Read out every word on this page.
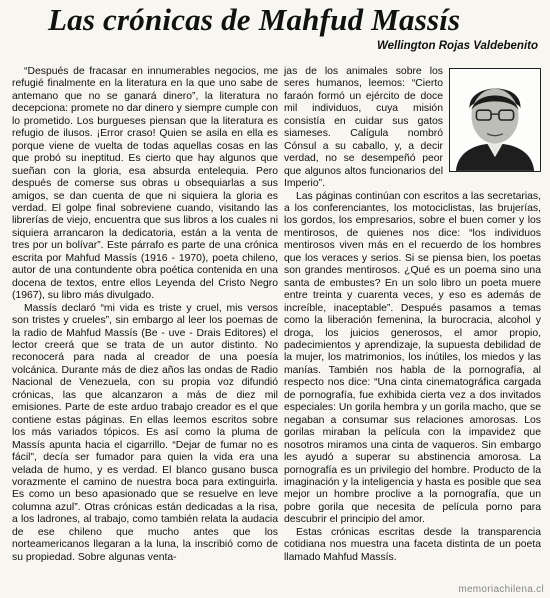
Las crónicas de Mahfud Massís
Wellington Rojas Valdebenito

“Después de fracasar en innumerables negocios, me refugié finalmente en la literatura en la que uno sabe de antemano que no se ganará dinero”, la literatura no decepciona: promete no dar dinero y siempre cumple con lo prometido. Los burgueses piensan que la literatura es refugio de ilusos. ¡Error craso! Quien se asila en ella es porque viene de vuelta de todas aquellas cosas en las que probó su ineptitud. Es cierto que hay algunos que sueñan con la gloria, esa absurda entelequia. Pero después de comerse sus obras u obsequiarlas a sus amigos, se dan cuenta de que ni siquiera la gloria es verdad. El golpe final sobreviene cuando, visitando las librerías de viejo, encuentra que sus libros a los cuales ni siquiera arrancaron la dedicatoria, están a la venta de tres por un bolívar”. Este párrafo es parte de una crónica escrita por Mahfud Massís (1916 - 1970), poeta chileno, autor de una contundente obra poética contenida en una docena de textos, entre ellos Leyenda del Cristo Negro (1967), su libro más divulgado.

Massís declaró “mi vida es triste y cruel, mis versos son tristes y crueles”, sin embargo al leer los poemas de la radio de Mahfud Massís (Be - uve - Drais Editores) el lector creerá que se trata de un autor distinto. No reconocerá para nada al creador de una poesía volcánica. Durante más de diez años las ondas de Radio Nacional de Venezuela, con su propia voz difundió crónicas, las que alcanzaron a más de diez mil emisiones. Parte de este arduo trabajo creador es el que contiene estas páginas. En ellas leemos escritos sobre los más variados tópicos. Es así como la pluma de Massís apunta hacia el cigarrillo. “Dejar de fumar no es fácil”, decía ser fumador para quien la vida era una velada de humo, y es verdad. El blanco gusano busca vorazmente el camino de nuestra boca para extinguirla. Es como un beso apasionado que se resuelve en leve columna azul”. Otras crónicas están dedicadas a la risa, a los ladrones, al trabajo, como también relata la audacia de ese chileno que mucho antes que los norteamericanos llegaran a la luna, la inscribió como de su propiedad. Sobre algunas venta-

jas de los animales sobre los seres humanos, leemos: “Cierto faraón formó un ejército de doce mil individuos, cuya misión consistía en cuidar sus gatos siameses. Calígula nombró Cónsul a su caballo, y, a decir verdad, no se desempeñó peor que algunos altos funcionarios del Imperio”.

Las páginas continúan con escritos a las secretarias, a los conferenciantes, los motociclistas, las brujerías, los gordos, los empresarios, sobre el buen comer y los mentirosos, de quienes nos dice: “los individuos mentirosos viven más en el recuerdo de los hombres que los veraces y serios. Si se piensa bien, los poetas son grandes mentirosos. ¿Qué es un poema sino una santa de embustes? En un solo libro un poeta muere entre treinta y cuarenta veces, y eso es además de increíble, inaceptable”. Después pasamos a temas como la liberación femenina, la burocracia, alcohol y droga, los juicios generosos, el amor propio, padecimientos y aprendizaje, la supuesta debilidad de la mujer, los matrimonios, los inútiles, los miedos y las manías. También nos habla de la pornografía, al respecto nos dice: “Una cinta cinematográfica cargada de pornografía, fue exhibida cierta vez a dos invitados especiales: Un gorila hembra y un gorila macho, que se negaban a consumar sus relaciones amorosas. Los gorilas miraban la película con la impavidez que nosotros miramos una cinta de vaqueros. Sin embargo les ayudó a superar su abstinencia amorosa. La pornografía es un privilegio del hombre. Producto de la imaginación y la inteligencia y hasta es posible que sea mejor un hombre proclive a la pornografía, que un pobre gorila que necesita de película porno para descubrir el principio del amor.

Estas crónicas escritas desde la transparencia cotidiana nos muestra una faceta distinta de un poeta llamado Mahfud Massís.

memoriachilena.cl
